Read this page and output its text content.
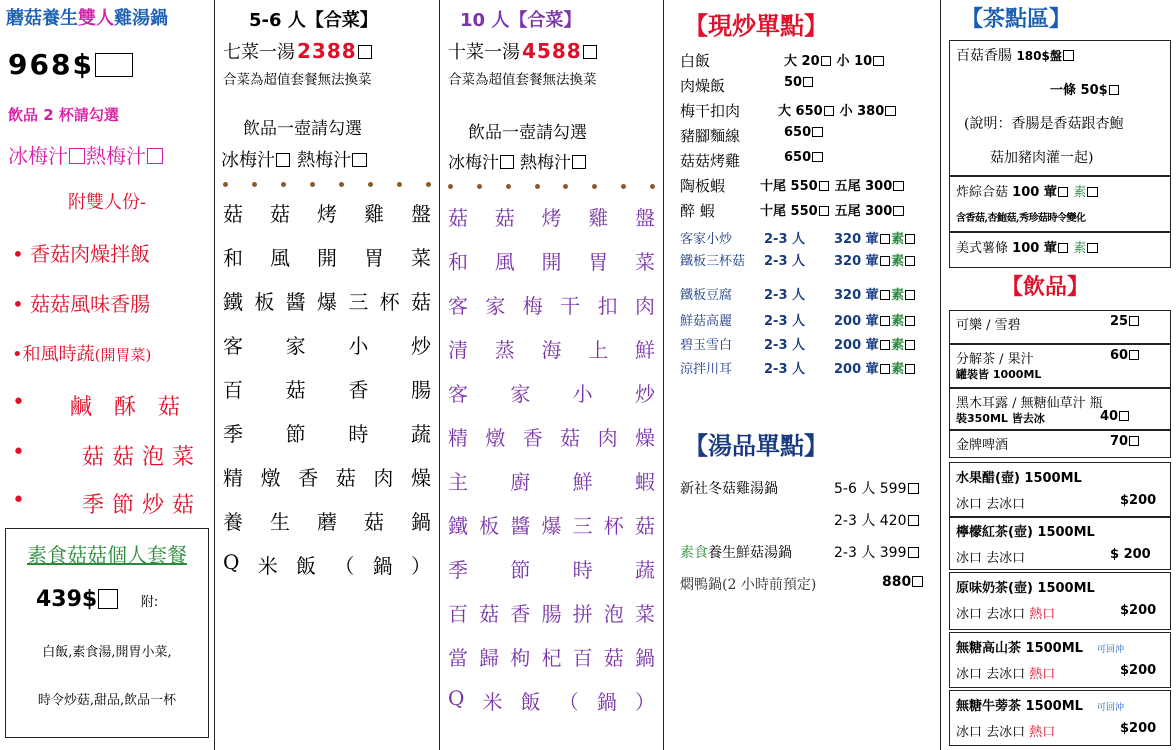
蘑菇養生雙人雞湯鍋
968$
飲品 2 杯請勾選
冰梅汁 熱梅汁
附雙人份-
• 香菇肉燥拌飯
• 菇菇風味香腸
•和風時蔬(開胃菜)
• 鹹酥菇
•	菇菇泡菜
•	季節炒菇
素食菇菇個人套餐
439$	附:
白飯,素食湯,開胃小菜,
時令炒菇,甜品,飲品一杯
5-6 人【合菜】
七菜一湯 2388
合菜為超值套餐無法換菜
飲品一壺請勾選
冰梅汁 熱梅汁
菇 菇 烤 雞 盤
和 風 開 胃 菜
鐵 板 醬 爆 三 杯 菇
客 家 小 炒
百 菇 香 腸
季 節 時 蔬
精 燉 香 菇 肉 燥
養 生 蘑 菇 鍋
Q 米 飯 （ 鍋 ）
10 人【合菜】
十菜一湯 4588
合菜為超值套餐無法換菜
飲品一壺請勾選
冰梅汁 熱梅汁
菇 菇 烤 雞 盤
和 風 開 胃 菜
客 家 梅 干 扣 肉
清 蒸 海 上 鮮
客 家 小 炒
精 燉 香 菇 肉 燥
主 廚 鮮 蝦
鐵 板 醬 爆 三 杯 菇
季 節 時 蔬
百 菇 香 腸 拼 泡 菜
當 歸 枸 杞 百 菇 鍋
Q 米 飯 （ 鍋 ）
【現炒單點】
白飯	大 20 小 10
肉燥飯	50
梅干扣肉	大 650 小 380
豬腳麵線	650
菇菇烤雞	650
陶板蝦	十尾 550 五尾 300
醉 蝦	十尾 550 五尾 300
客家小炒 2-3 人 320 葷 素
鐵板三杯菇 2-3 人 320 葷 素
鐵板豆腐 2-3 人 320 葷 素
鮮菇高麗 2-3 人 200 葷 素
碧玉雪白 2-3 人 200 葷 素
涼拌川耳 2-3 人 200 葷 素
【湯品單點】
新社冬菇雞湯鍋	5-6 人 599
2-3 人 420
素食養生鮮菇湯鍋	2-3 人 399
燜鴨鍋(2 小時前預定)	880
【茶點區】
百菇香腸 180$盤
一條 50$
(說明：香腸是香菇跟杏鮑
菇加豬肉灌一起)
炸綜合菇 100 葷 素
含香菇,杏鮑菇,秀珍菇時令變化
美式薯條 100 葷 素
【飲品】
可樂 / 雪碧	25
分解茶 / 果汁	60
罐裝皆 1000ML
黑木耳露 / 無糖仙草汁 瓶
40
裝350ML 皆去冰
金牌啤酒	70
水果醋(壺) 1500ML
冰口 去冰口	$200
檸檬紅茶(壺) 1500ML
冰口 去冰口	$ 200
原味奶茶(壺) 1500ML
冰口 去冰口 熱口	$200
無糖高山茶 1500ML 可回沖
冰口 去冰口 熱口	$200
無糖牛蒡茶 1500ML 可回沖
冰口 去冰口 熱口	$200
